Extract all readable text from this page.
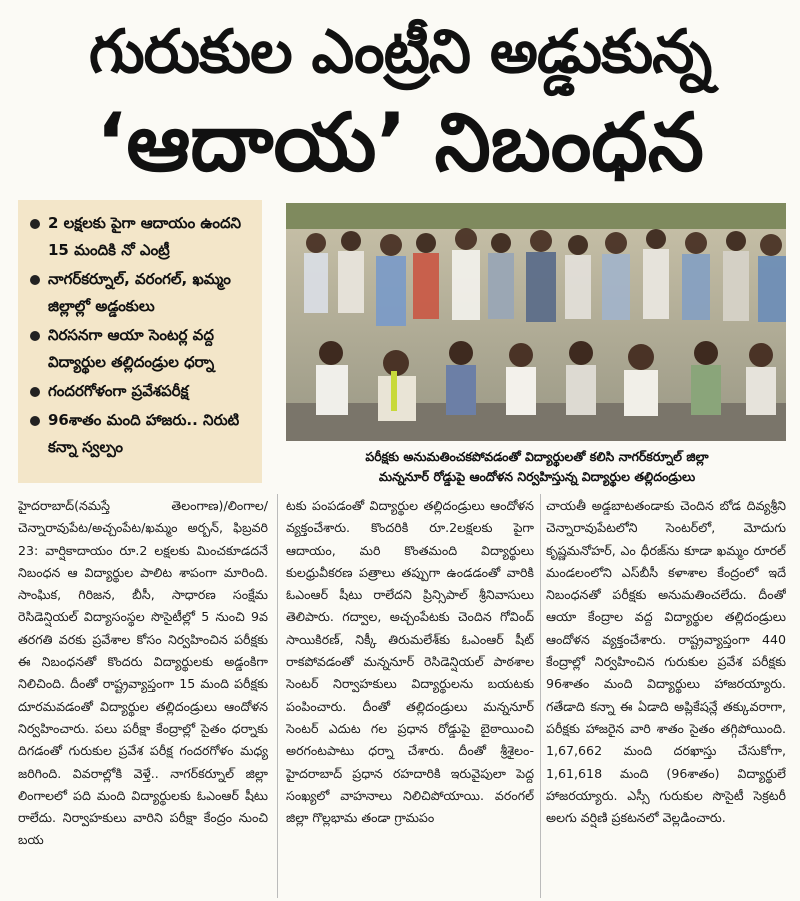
గురుకుల ఎంట్రీని అడ్డుకున్న
‘ఆదాయ’ నిబంధన
2 లక్షలకు పైగా ఆదాయం ఉందని 15 మందికి నో ఎంట్రీ
నాగర్‌కర్నూల్, వరంగల్, ఖమ్మం జిల్లాల్లో అడ్డంకులు
నిరసనగా ఆయా సెంటర్ల వద్ద విద్యార్థుల తల్లిదండ్రుల ధర్నా
గందరగోళంగా ప్రవేశపరీక్ష
96శాతం మంది హాజరు.. నిరుటి కన్నా స్వల్పం
పరీక్షకు అనుమతించకపోవడంతో విద్యార్థులతో కలిసి నాగర్‌కర్నూల్ జిల్లా
మన్ననూర్ రోడ్డుపై ఆందోళన నిర్వహిస్తున్న విద్యార్థుల తల్లిదండ్రులు
హైదరాబాద్(నమస్తే తెలంగాణ)/లింగాల/ చెన్నారావుపేట/అచ్చంపేట/ఖమ్మం అర్బన్, ఫిబ్రవరి 23: వార్షికాదాయం రూ.2 లక్షలకు మించకూడదనే నిబంధన ఆ విద్యార్థుల పాలిట శాపంగా మారింది. సాంఘిక, గిరిజన, బీసీ, సాధారణ సంక్షేమ రెసిడెన్షియల్ విద్యాసంస్థల సొసైటీల్లో 5 నుంచి 9వ తరగతి వరకు ప్రవేశాల కోసం నిర్వహించిన పరీక్షకు ఈ నిబంధనతో కొందరు విద్యార్థులకు అడ్డంకిగా నిలిచింది. దీంతో రాష్ట్రవ్యాప్తంగా 15 మంది పరీక్షకు దూరమవడంతో విద్యార్థుల తల్లిదండ్రులు ఆందోళన నిర్వహించారు. పలు పరీక్షా కేంద్రాల్లో సైతం ధర్నాకు దిగడంతో గురుకుల ప్రవేశ పరీక్ష గందరగోళం మధ్య జరిగింది. వివరాల్లోకి వెళ్తే.. నాగర్‌కర్నూల్ జిల్లా లింగాలలో పది మంది విద్యార్థులకు ఓఎంఆర్ షీటు రాలేదు. నిర్వాహకులు వారిని పరీక్షా కేంద్రం నుంచి బయ
టకు పంపడంతో విద్యార్థుల తల్లిదండ్రులు ఆందోళన వ్యక్తంచేశారు. కొందరికి రూ.2లక్షలకు పైగా ఆదాయం, మరి కొంతమంది విద్యార్థులు కులధ్రువీకరణ పత్రాలు తప్పుగా ఉండడంతో వారికి ఓఎంఆర్ షీటు రాలేదని ప్రిన్సిపాల్ శ్రీనివాసులు తెలిపారు. గద్వాల, అచ్చంపేటకు చెందిన గోవింద్ సాయికిరణ్, నిక్కీ తిరుమలేశ్‌కు ఓఎంఆర్ షీట్ రాకపోవడంతో మన్ననూర్ రెసిడెన్షియల్ పాఠశాల సెంటర్ నిర్వాహకులు విద్యార్థులను బయటకు పంపించారు. దీంతో తల్లిదండ్రులు మన్ననూర్ సెంటర్ ఎదుట గల ప్రధాన రోడ్డుపై బైఠాయించి అరగంటపాటు ధర్నా చేశారు. దీంతో శ్రీశైలం- హైదరాబాద్ ప్రధాన రహదారికి ఇరువైపులా పెద్ద సంఖ్యలో వాహనాలు నిలిచిపోయాయి. వరంగల్ జిల్లా గొల్లభామ తండా గ్రామపం
చాయతీ అడ్డబాటతండాకు చెందిన బోడ దివ్యశ్రీని చెన్నారావుపేటలోని సెంటర్‌లో, మోదుగు కృష్ణమనోహర్, ఎం ధీరజ్‌ను కూడా ఖమ్మం రూరల్ మండలంలోని ఎస్‌బీసీ కళాశాల కేంద్రంలో ఇదే నిబంధనతో పరీక్షకు అనుమతించలేదు. దీంతో ఆయా కేంద్రాల వద్ద విద్యార్థుల తల్లిదండ్రులు ఆందోళన వ్యక్తంచేశారు. రాష్ట్రవ్యాప్తంగా 440 కేంద్రాల్లో నిర్వహించిన గురుకుల ప్రవేశ పరీక్షకు 96శాతం మంది విద్యార్థులు హాజరయ్యారు. గతేడాది కన్నా ఈ ఏడాది అప్లికేషన్లే తక్కువరాగా, పరీక్షకు హాజరైన వారి శాతం సైతం తగ్గిపోయింది. 1,67,662 మంది దరఖాస్తు చేసుకోగా, 1,61,618 మంది (96శాతం) విద్యార్థులే హాజరయ్యారు. ఎస్సీ గురుకుల సొసైటీ సెక్రటరీ అలగు వర్షిణి ప్రకటనలో వెల్లడించారు.
